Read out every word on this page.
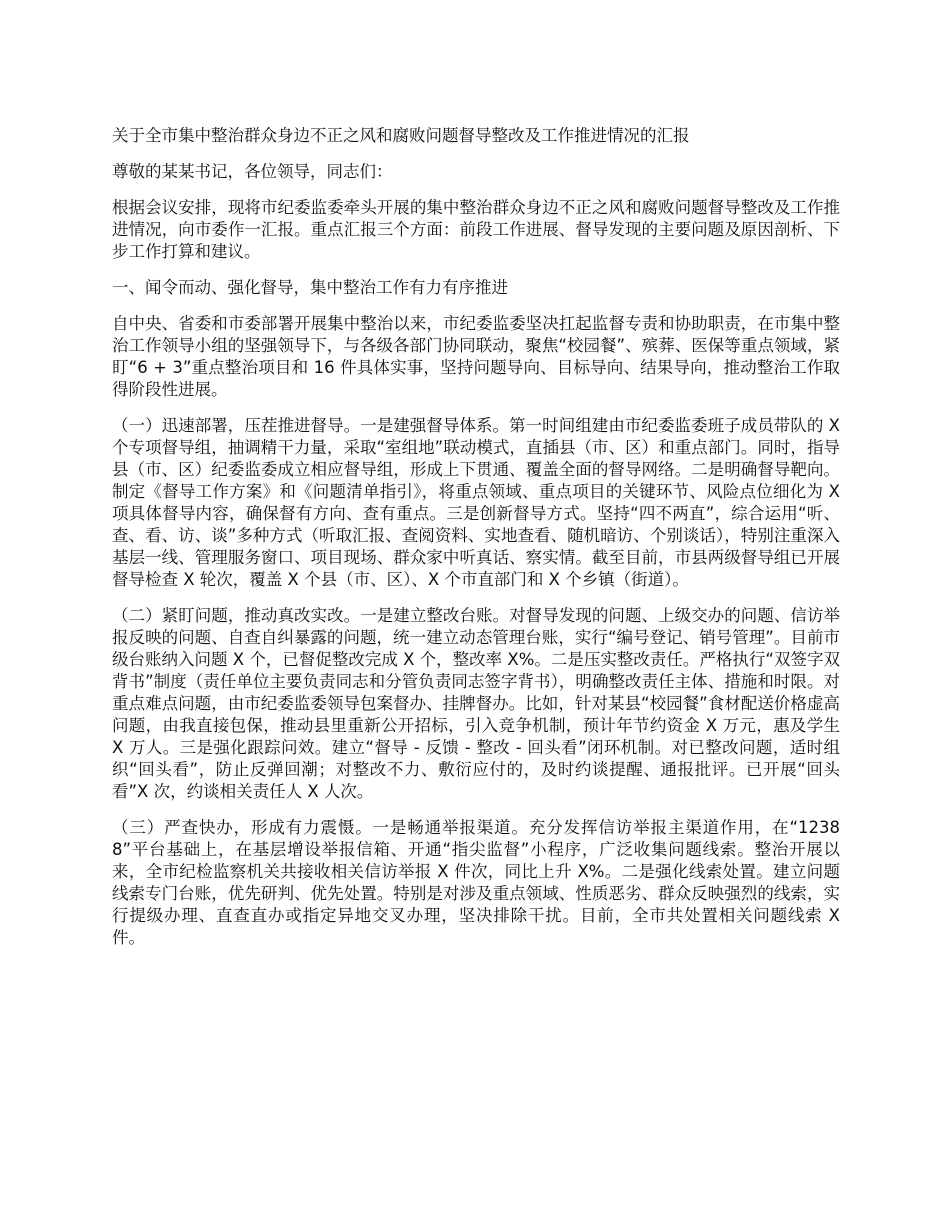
关于全市集中整治群众身边不正之风和腐败问题督导整改及工作推进情况的汇报

尊敬的某某书记，各位领导，同志们：

根据会议安排，现将市纪委监委牵头开展的集中整治群众身边不正之风和腐败问题督导整改及工作推进情况，向市委作一汇报。重点汇报三个方面：前段工作进展、督导发现的主要问题及原因剖析、下步工作打算和建议。

一、闻令而动、强化督导，集中整治工作有力有序推进

自中央、省委和市委部署开展集中整治以来，市纪委监委坚决扛起监督专责和协助职责，在市集中整治工作领导小组的坚强领导下，与各级各部门协同联动，聚焦“校园餐”、殡葬、医保等重点领域，紧盯“6 + 3”重点整治项目和 16 件具体实事，坚持问题导向、目标导向、结果导向，推动整治工作取得阶段性进展。

（一）迅速部署，压茬推进督导。一是建强督导体系。第一时间组建由市纪委监委班子成员带队的 X 个专项督导组，抽调精干力量，采取“室组地”联动模式，直插县（市、区）和重点部门。同时，指导县（市、区）纪委监委成立相应督导组，形成上下贯通、覆盖全面的督导网络。二是明确督导靶向。制定《督导工作方案》和《问题清单指引》，将重点领域、重点项目的关键环节、风险点位细化为 X 项具体督导内容，确保督有方向、查有重点。三是创新督导方式。坚持“四不两直”，综合运用“听、查、看、访、谈”多种方式（听取汇报、查阅资料、实地查看、随机暗访、个别谈话），特别注重深入基层一线、管理服务窗口、项目现场、群众家中听真话、察实情。截至目前，市县两级督导组已开展督导检查 X 轮次，覆盖 X 个县（市、区）、X 个市直部门和 X 个乡镇（街道）。

（二）紧盯问题，推动真改实改。一是建立整改台账。对督导发现的问题、上级交办的问题、信访举报反映的问题、自查自纠暴露的问题，统一建立动态管理台账，实行“编号登记、销号管理”。目前市级台账纳入问题 X 个，已督促整改完成 X 个，整改率 X%。二是压实整改责任。严格执行“双签字双背书”制度（责任单位主要负责同志和分管负责同志签字背书），明确整改责任主体、措施和时限。对重点难点问题，由市纪委监委领导包案督办、挂牌督办。比如，针对某县“校园餐”食材配送价格虚高问题，由我直接包保，推动县里重新公开招标，引入竞争机制，预计年节约资金 X 万元，惠及学生 X 万人。三是强化跟踪问效。建立“督导 - 反馈 - 整改 - 回头看”闭环机制。对已整改问题，适时组织“回头看”，防止反弹回潮；对整改不力、敷衍应付的，及时约谈提醒、通报批评。已开展“回头看”X 次，约谈相关责任人 X 人次。

（三）严查快办，形成有力震慑。一是畅通举报渠道。充分发挥信访举报主渠道作用，在“12388”平台基础上，在基层增设举报信箱、开通“指尖监督”小程序，广泛收集问题线索。整治开展以来，全市纪检监察机关共接收相关信访举报 X 件次，同比上升 X%。二是强化线索处置。建立问题线索专门台账，优先研判、优先处置。特别是对涉及重点领域、性质恶劣、群众反映强烈的线索，实行提级办理、直查直办或指定异地交叉办理，坚决排除干扰。目前，全市共处置相关问题线索 X 件。
